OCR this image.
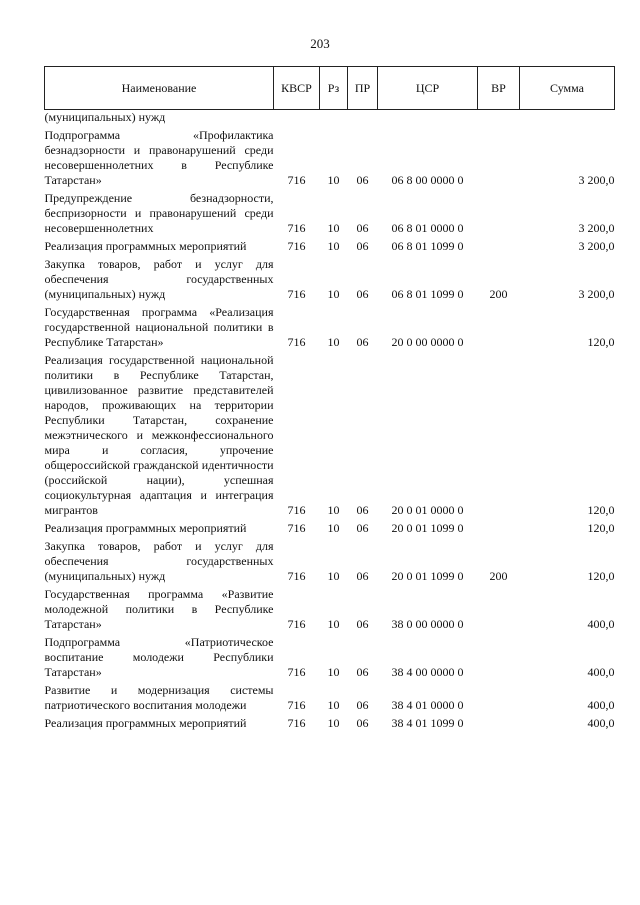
203
Наименование	КВСР	Рз	ПР	ЦСР	ВР	Сумма
(муниципальных) нужд						
Подпрограмма «Профилактика безнадзорности и правонарушений среди несовершеннолетних в Республике Татарстан»	716	10	06	06 8 00 0000 0		3 200,0
Предупреждение безнадзорности, беспризорности и правонарушений среди несовершеннолетних	716	10	06	06 8 01 0000 0		3 200,0
Реализация программных мероприятий	716	10	06	06 8 01 1099 0		3 200,0
Закупка товаров, работ и услуг для обеспечения государственных (муниципальных) нужд	716	10	06	06 8 01 1099 0	200	3 200,0
Государственная программа «Реализация государственной национальной политики в Республике Татарстан»	716	10	06	20 0 00 0000 0		120,0
Реализация государственной национальной политики в Республике Татарстан, цивилизованное развитие представителей народов, проживающих на территории Республики Татарстан, сохранение межэтнического и межконфессионального мира и согласия, упрочение общероссийской гражданской идентичности (российской нации), успешная социокультурная адаптация и интеграция мигрантов	716	10	06	20 0 01 0000 0		120,0
Реализация программных мероприятий	716	10	06	20 0 01 1099 0		120,0
Закупка товаров, работ и услуг для обеспечения государственных (муниципальных) нужд	716	10	06	20 0 01 1099 0	200	120,0
Государственная программа «Развитие молодежной политики в Республике Татарстан»	716	10	06	38 0 00 0000 0		400,0
Подпрограмма «Патриотическое воспитание молодежи Республики Татарстан»	716	10	06	38 4 00 0000 0		400,0
Развитие и модернизация системы патриотического воспитания молодежи	716	10	06	38 4 01 0000 0		400,0
Реализация программных мероприятий	716	10	06	38 4 01 1099 0		400,0
